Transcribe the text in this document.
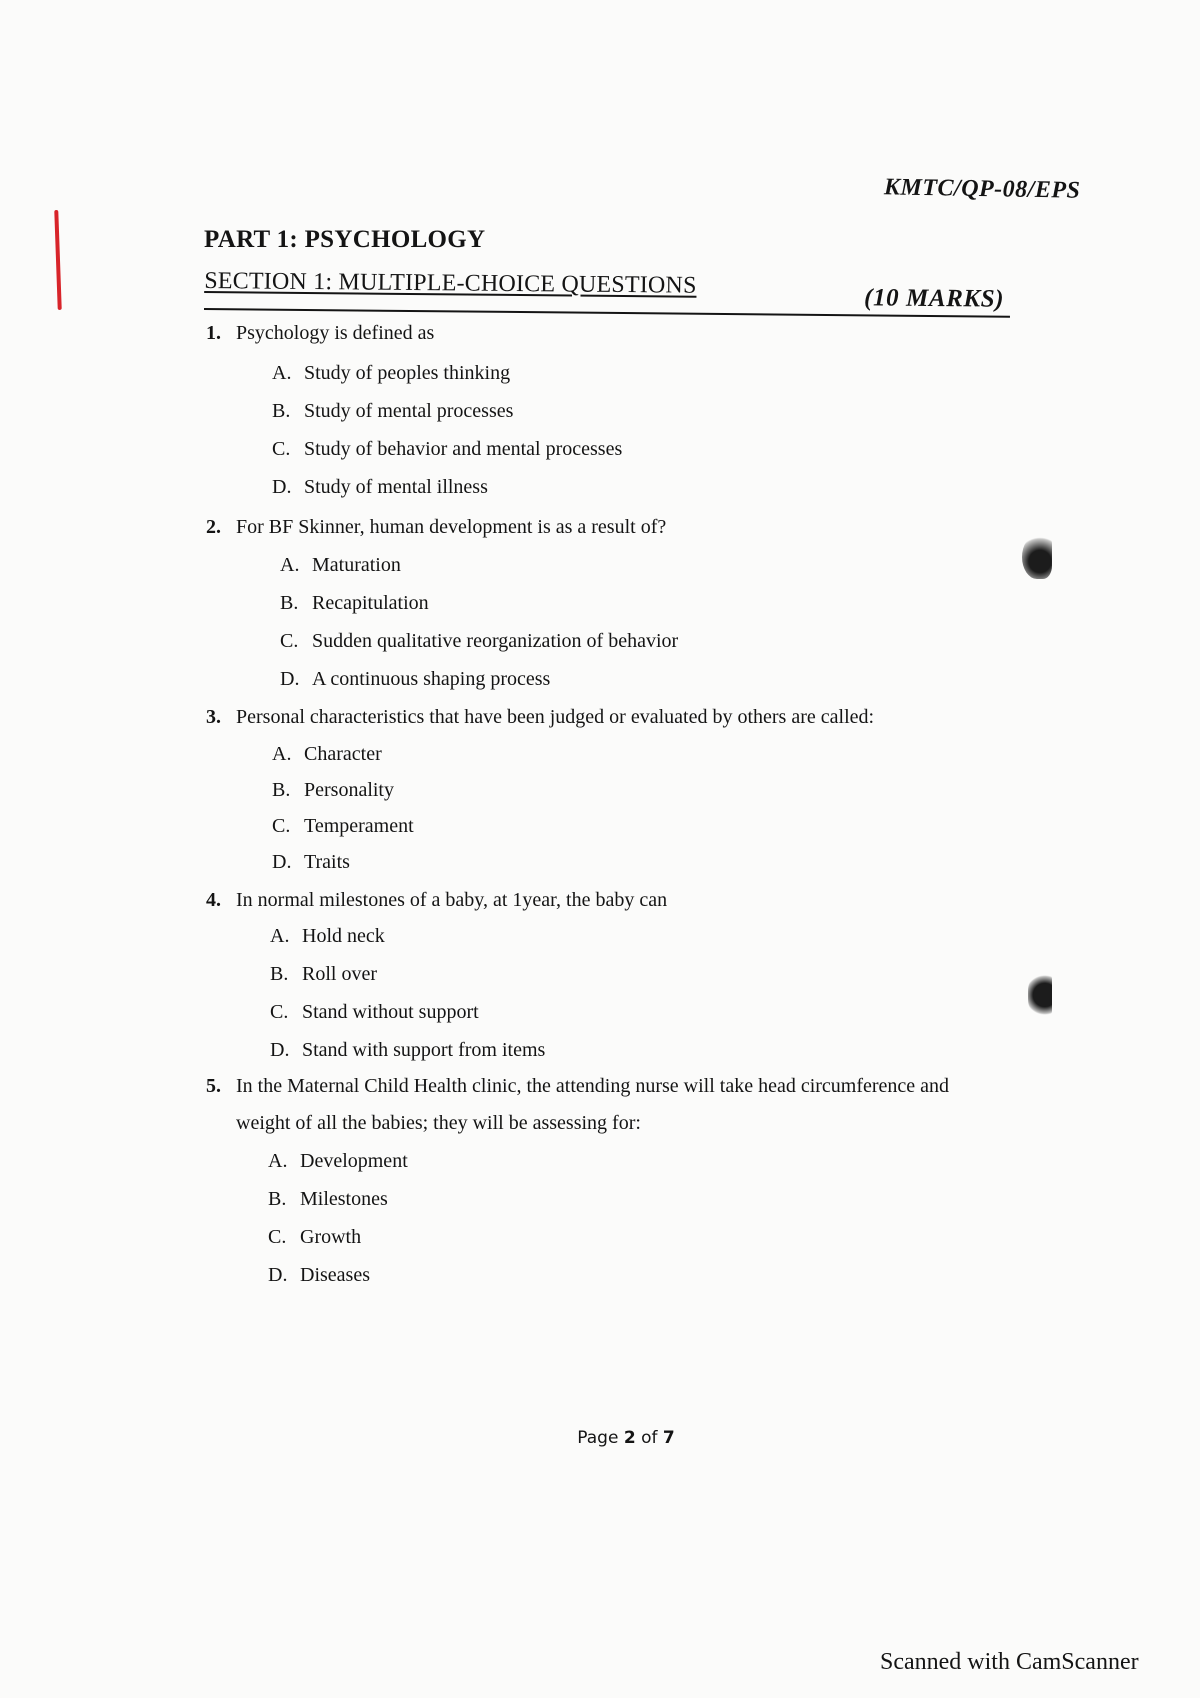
KMTC/QP-08/EPS
PART 1: PSYCHOLOGY
SECTION 1: MULTIPLE-CHOICE QUESTIONS	(10 MARKS)
1. Psychology is defined as
A. Study of peoples thinking
B. Study of mental processes
C. Study of behavior and mental processes
D. Study of mental illness
2. For BF Skinner, human development is as a result of?
A. Maturation
B. Recapitulation
C. Sudden qualitative reorganization of behavior
D. A continuous shaping process
3. Personal characteristics that have been judged or evaluated by others are called:
A. Character
B. Personality
C. Temperament
D. Traits
4. In normal milestones of a baby, at 1year, the baby can
A. Hold neck
B. Roll over
C. Stand without support
D. Stand with support from items
5. In the Maternal Child Health clinic, the attending nurse will take head circumference and
weight of all the babies; they will be assessing for:
A. Development
B. Milestones
C. Growth
D. Diseases
Page 2 of 7
Scanned with CamScanner
